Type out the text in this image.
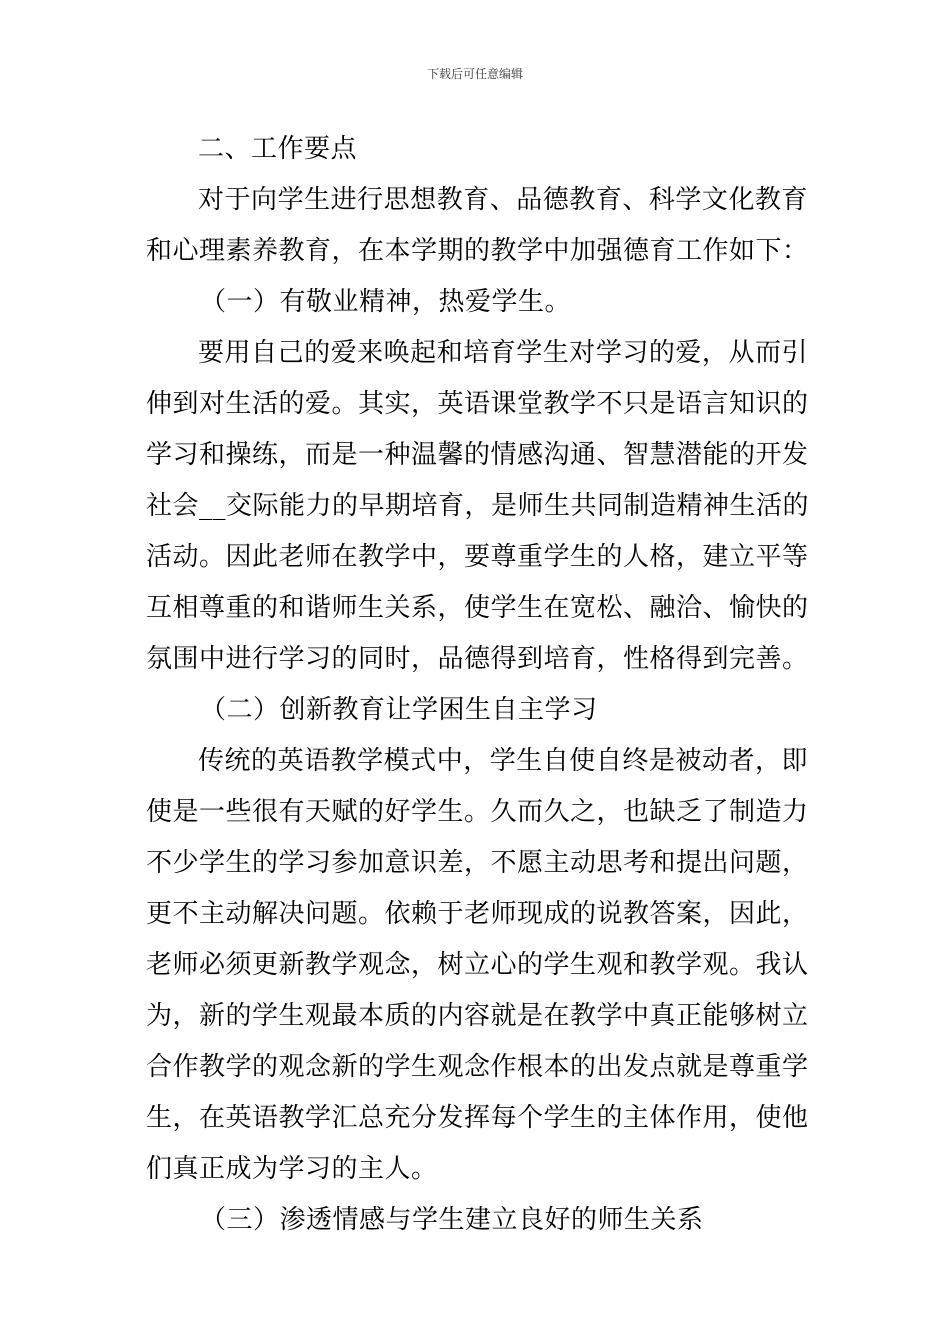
下载后可任意编辑
二、工作要点
对于向学生进行思想教育、品德教育、科学文化教育
和心理素养教育，在本学期的教学中加强德育工作如下：
（一）有敬业精神，热爱学生。
要用自己的爱来唤起和培育学生对学习的爱，从而引
伸到对生活的爱。其实，英语课堂教学不只是语言知识的
学习和操练，而是一种温馨的情感沟通、智慧潜能的开发
社会__交际能力的早期培育，是师生共同制造精神生活的
活动。因此老师在教学中，要尊重学生的人格，建立平等
互相尊重的和谐师生关系，使学生在宽松、融洽、愉快的
氛围中进行学习的同时，品德得到培育，性格得到完善。
（二）创新教育让学困生自主学习
传统的英语教学模式中，学生自使自终是被动者，即
使是一些很有天赋的好学生。久而久之，也缺乏了制造力
不少学生的学习参加意识差，不愿主动思考和提出问题，
更不主动解决问题。依赖于老师现成的说教答案，因此，
老师必须更新教学观念，树立心的学生观和教学观。我认
为，新的学生观最本质的内容就是在教学中真正能够树立
合作教学的观念新的学生观念作根本的出发点就是尊重学
生，在英语教学汇总充分发挥每个学生的主体作用，使他
们真正成为学习的主人。
（三）渗透情感与学生建立良好的师生关系
